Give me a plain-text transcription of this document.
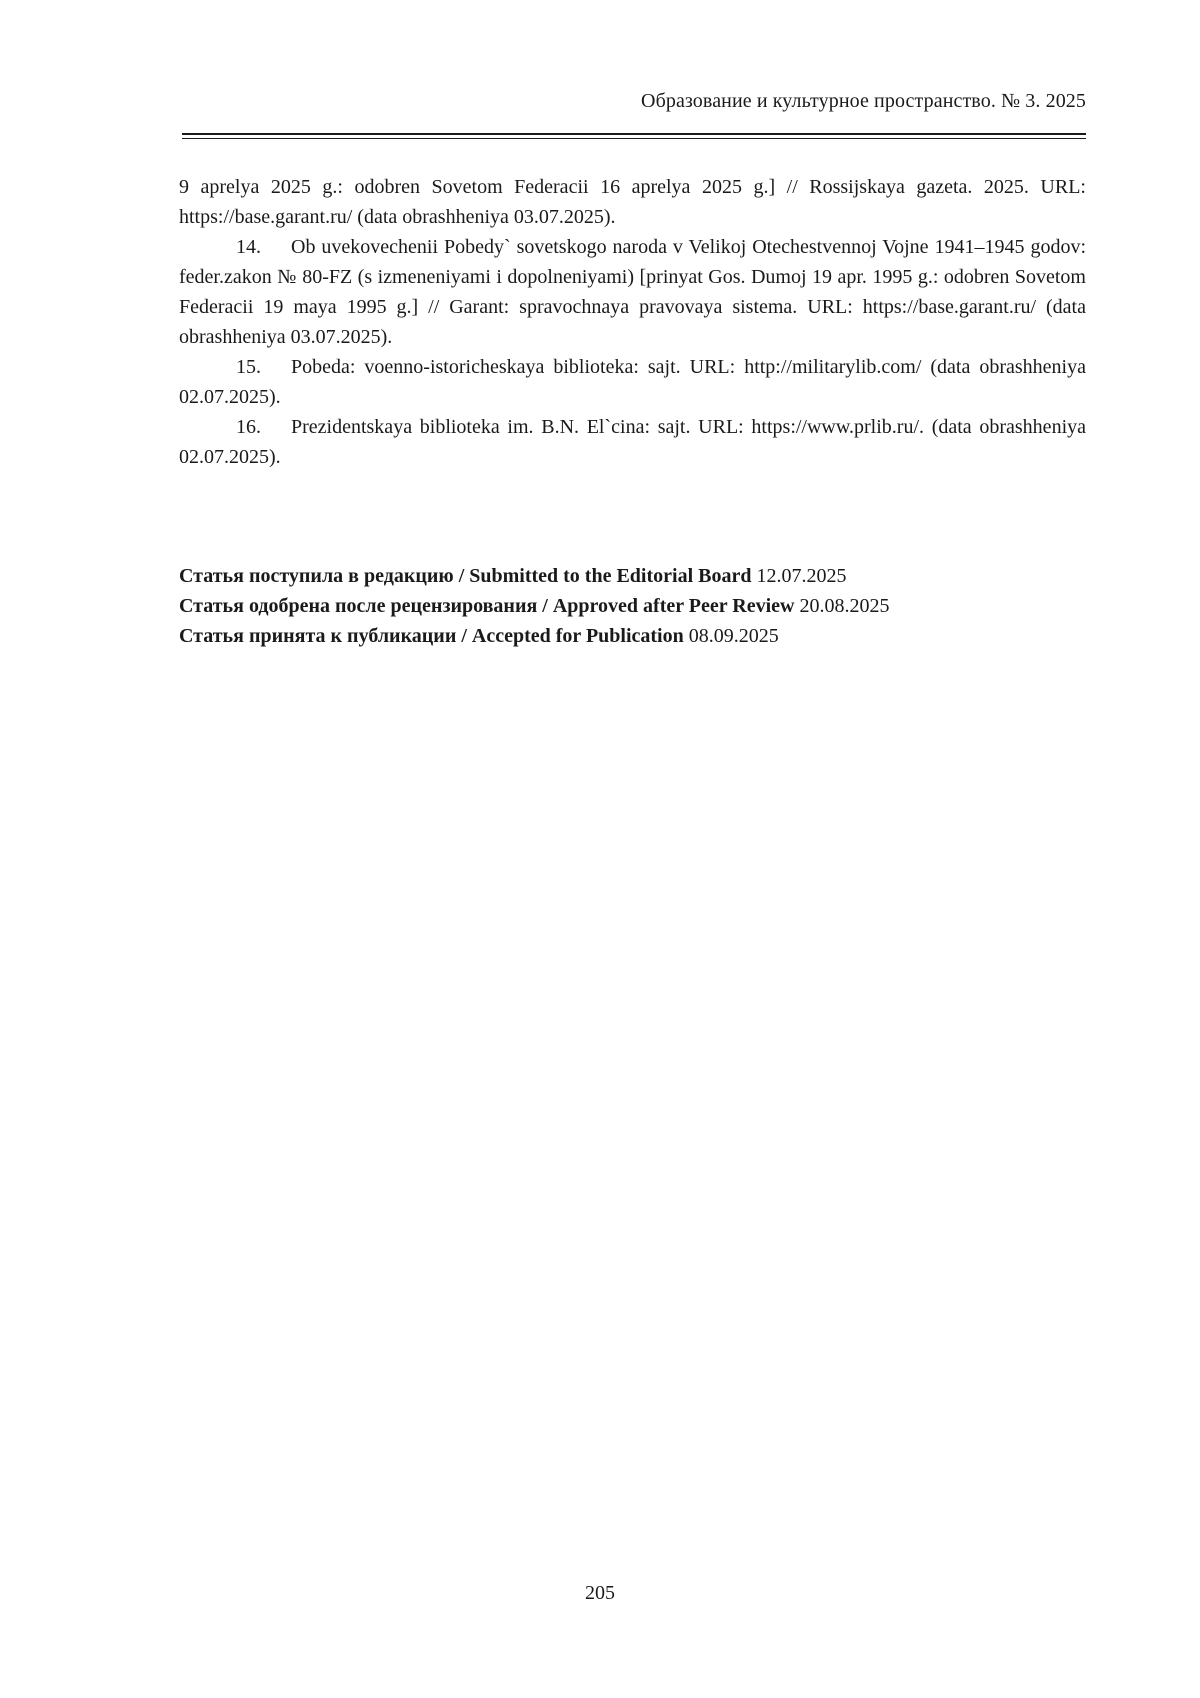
Образование и культурное пространство. № 3. 2025

9 aprelya 2025 g.: odobren Sovetom Federacii 16 aprelya 2025 g.] // Rossijskaya gazeta. 2025. URL: https://base.garant.ru/ (data obrashheniya 03.07.2025).

14. Ob uvekovechenii Pobedy` sovetskogo naroda v Velikoj Otechestvennoj Vojne 1941–1945 godov: feder.zakon № 80-FZ (s izmeneniyami i dopolneniyami) [prinyat Gos. Dumoj 19 apr. 1995 g.: odobren Sovetom Federacii 19 maya 1995 g.] // Garant: spravochnaya pravovaya sistema. URL: https://base.garant.ru/ (data obrashheniya 03.07.2025).

15. Pobeda: voenno-istoricheskaya biblioteka: sajt. URL: http://militarylib.com/ (data obrashheniya 02.07.2025).

16. Prezidentskaya biblioteka im. B.N. El`cina: sajt. URL: https://www.prlib.ru/. (data obrashheniya 02.07.2025).

Статья поступила в редакцию / Submitted to the Editorial Board 12.07.2025

Статья одобрена после рецензирования / Approved after Peer Review 20.08.2025

Статья принята к публикации / Accepted for Publication 08.09.2025

205
